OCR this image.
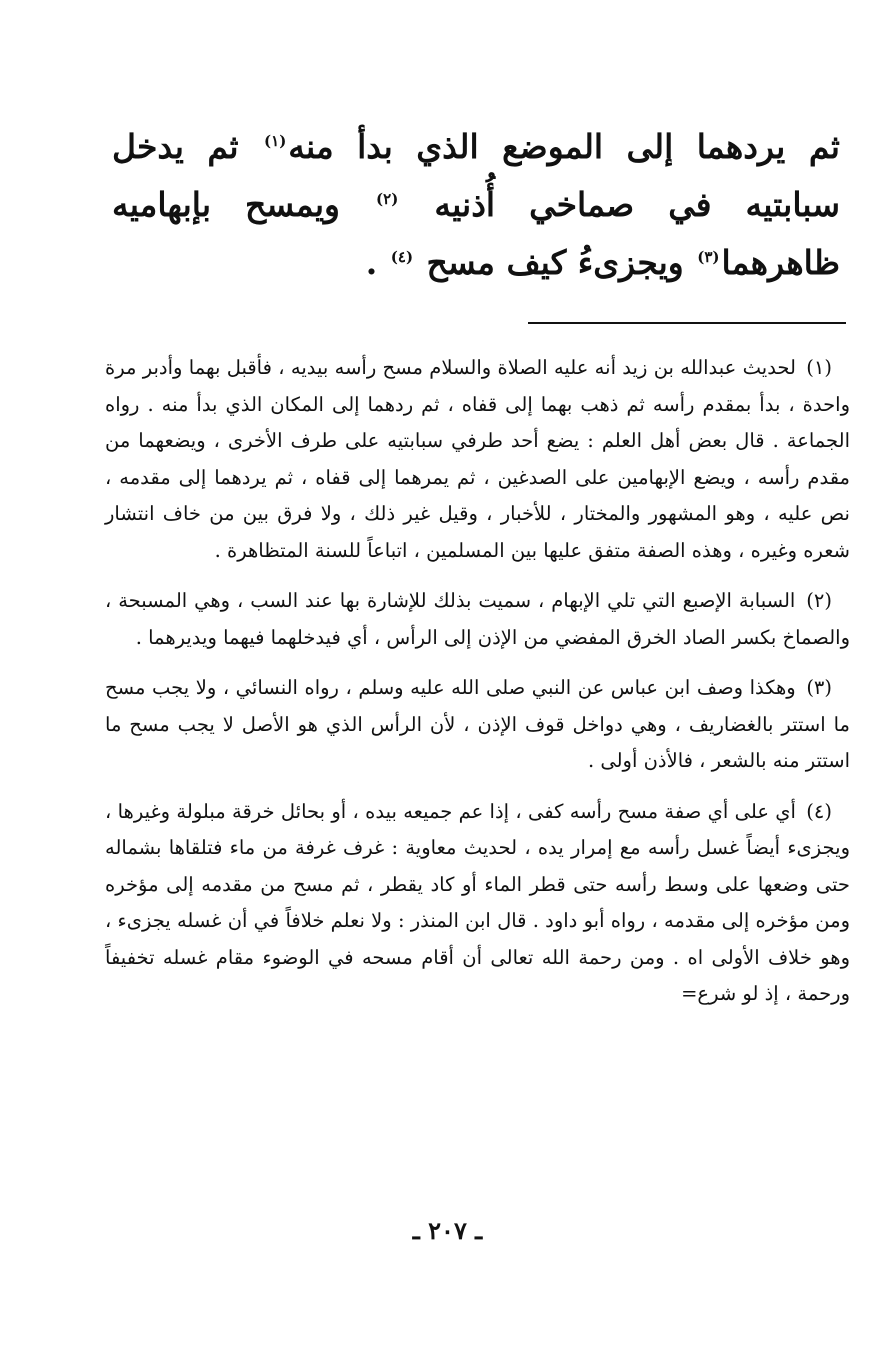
ثم يردهما إلى الموضع الذي بدأ منه$^{(١)}$ ثم يدخل سبابتيه في صماخي أُذنيه $^{(٢)}$ ويمسح بإبهاميه ظاهرهما$^{(٣)}$ ويجزىءُ كيف مسح $^{(٤)}$ .

(١) لحديث عبدالله بن زيد أنه عليه الصلاة والسلام مسح رأسه بيديه ، فأقبل بهما وأدبر مرة واحدة ، بدأ بمقدم رأسه ثم ذهب بهما إلى قفاه ، ثم ردهما إلى المكان الذي بدأ منه . رواه الجماعة . قال بعض أهل العلم : يضع أحد طرفي سبابتيه على طرف الأخرى ، ويضعهما من مقدم رأسه ، ويضع الإبهامين على الصدغين ، ثم يمرهما إلى قفاه ، ثم يردهما إلى مقدمه ، نص عليه ، وهو المشهور والمختار ، للأخبار ، وقيل غير ذلك ، ولا فرق بين من خاف انتشار شعره وغيره ، وهذه الصفة متفق عليها بين المسلمين ، اتباعاً للسنة المتظاهرة .

(٢) السبابة الإصبع التي تلي الإبهام ، سميت بذلك للإشارة بها عند السب ، وهي المسبحة ، والصماخ بكسر الصاد الخرق المفضي من الإذن إلى الرأس ، أي فيدخلهما فيهما ويديرهما .

(٣) وهكذا وصف ابن عباس عن النبي صلى الله عليه وسلم ، رواه النسائي ، ولا يجب مسح ما استتر بالغضاريف ، وهي دواخل قوف الإذن ، لأن الرأس الذي هو الأصل لا يجب مسح ما استتر منه بالشعر ، فالأذن أولى .

(٤) أي على أي صفة مسح رأسه كفى ، إذا عم جميعه بيده ، أو بحائل خرقة مبلولة وغيرها ، ويجزىء أيضاً غسل رأسه مع إمرار يده ، لحديث معاوية : غرف غرفة من ماء فتلقاها بشماله حتى وضعها على وسط رأسه حتى قطر الماء أو كاد يقطر ، ثم مسح من مقدمه إلى مؤخره ومن مؤخره إلى مقدمه ، رواه أبو داود . قال ابن المنذر : ولا نعلم خلافاً في أن غسله يجزىء ، وهو خلاف الأولى اه . ومن رحمة الله تعالى أن أقام مسحه في الوضوء مقام غسله تخفيفاً ورحمة ، إذ لو شرع=

ـ ٢٠٧ ـ
